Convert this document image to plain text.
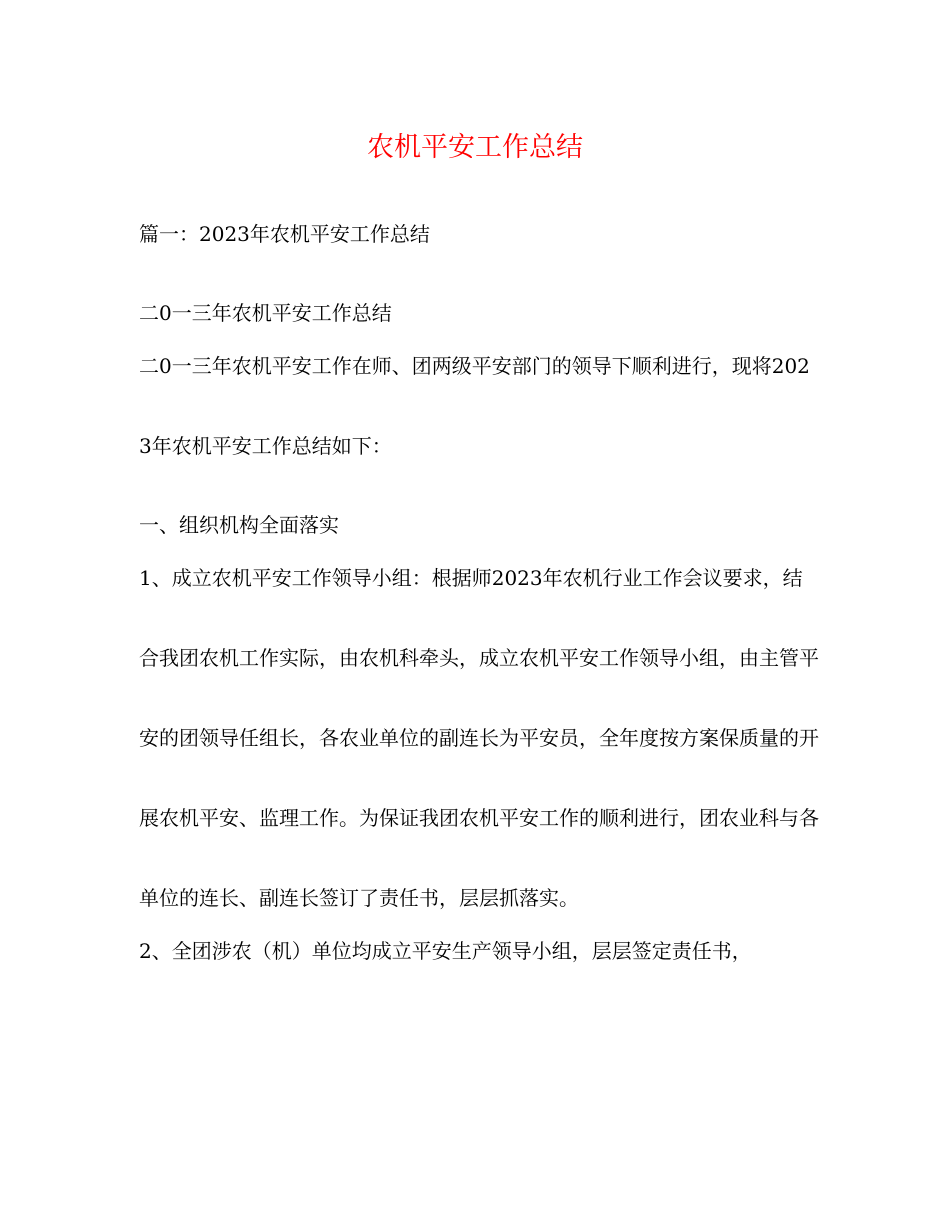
农机平安工作总结

篇一：2023年农机平安工作总结

二0一三年农机平安工作总结

二0一三年农机平安工作在师、团两级平安部门的领导下顺利进行，现将2023年农机平安工作总结如下：

一、组织机构全面落实

1、成立农机平安工作领导小组：根据师2023年农机行业工作会议要求，结合我团农机工作实际，由农机科牵头，成立农机平安工作领导小组，由主管平安的团领导任组长，各农业单位的副连长为平安员，全年度按方案保质量的开展农机平安、监理工作。为保证我团农机平安工作的顺利进行，团农业科与各单位的连长、副连长签订了责任书，层层抓落实。

2、全团涉农（机）单位均成立平安生产领导小组，层层签定责任书，
